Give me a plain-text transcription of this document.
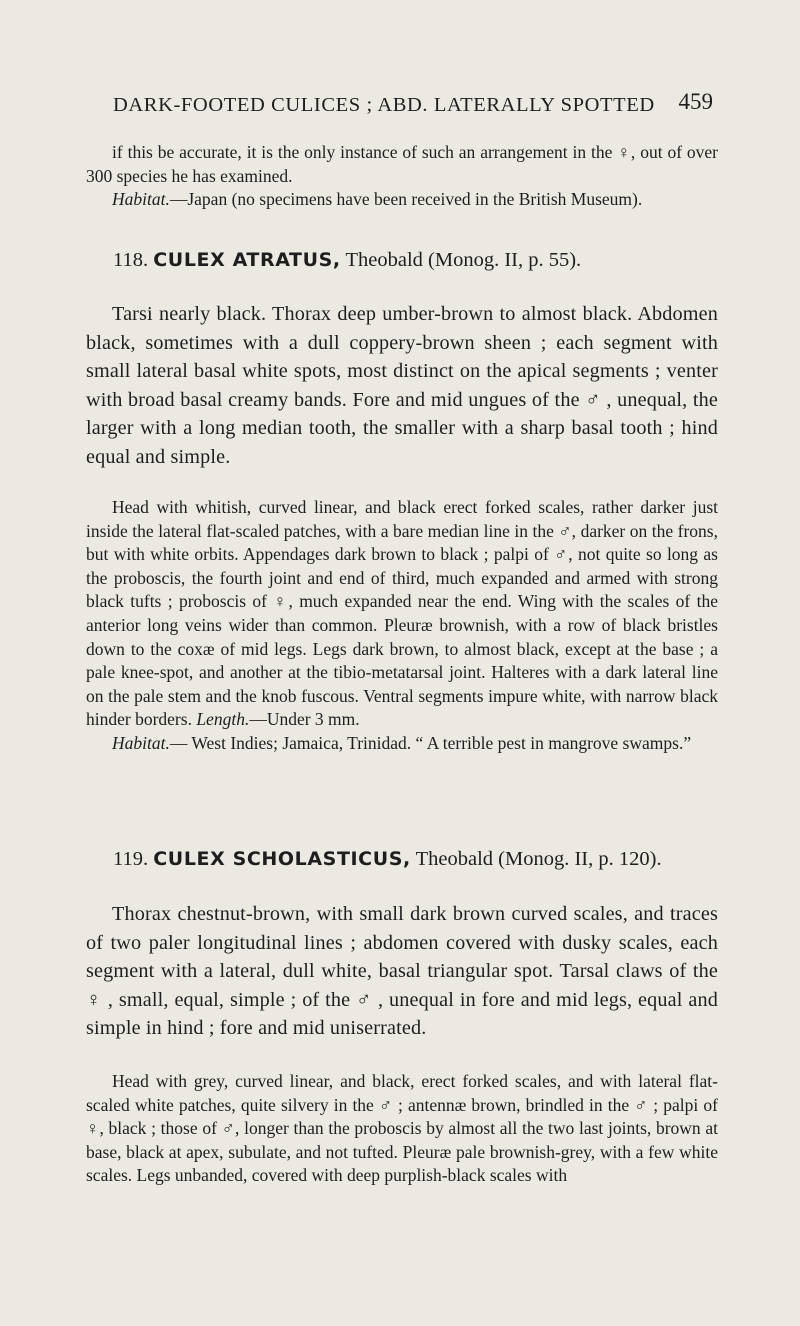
DARK-FOOTED CULICES ; ABD. LATERALLY SPOTTED 459

if this be accurate, it is the only instance of such an arrangement in the ♀, out of over 300 species he has examined.

Habitat.—Japan (no specimens have been received in the British Museum).

118. CULEX ATRATUS, Theobald (Monog. II, p. 55).

Tarsi nearly black. Thorax deep umber-brown to almost black. Abdomen black, sometimes with a dull coppery-brown sheen ; each segment with small lateral basal white spots, most distinct on the apical segments ; venter with broad basal creamy bands. Fore and mid ungues of the ♂ , unequal, the larger with a long median tooth, the smaller with a sharp basal tooth ; hind equal and simple.

Head with whitish, curved linear, and black erect forked scales, rather darker just inside the lateral flat-scaled patches, with a bare median line in the ♂, darker on the frons, but with white orbits. Appendages dark brown to black ; palpi of ♂, not quite so long as the proboscis, the fourth joint and end of third, much expanded and armed with strong black tufts ; proboscis of ♀, much expanded near the end. Wing with the scales of the anterior long veins wider than common. Pleuræ brownish, with a row of black bristles down to the coxæ of mid legs. Legs dark brown, to almost black, except at the base ; a pale knee-spot, and another at the tibio-metatarsal joint. Halteres with a dark lateral line on the pale stem and the knob fuscous. Ventral segments impure white, with narrow black hinder borders. Length.—Under 3 mm.

Habitat.— West Indies; Jamaica, Trinidad. “ A terrible pest in mangrove swamps.”

119. CULEX SCHOLASTICUS, Theobald (Monog. II, p. 120).

Thorax chestnut-brown, with small dark brown curved scales, and traces of two paler longitudinal lines ; abdomen covered with dusky scales, each segment with a lateral, dull white, basal triangular spot. Tarsal claws of the ♀ , small, equal, simple ; of the ♂ , unequal in fore and mid legs, equal and simple in hind ; fore and mid uniserrated.

Head with grey, curved linear, and black, erect forked scales, and with lateral flat-scaled white patches, quite silvery in the ♂ ; antennæ brown, brindled in the ♂ ; palpi of ♀, black ; those of ♂, longer than the proboscis by almost all the two last joints, brown at base, black at apex, subulate, and not tufted. Pleuræ pale brownish-grey, with a few white scales. Legs unbanded, covered with deep purplish-black scales with
